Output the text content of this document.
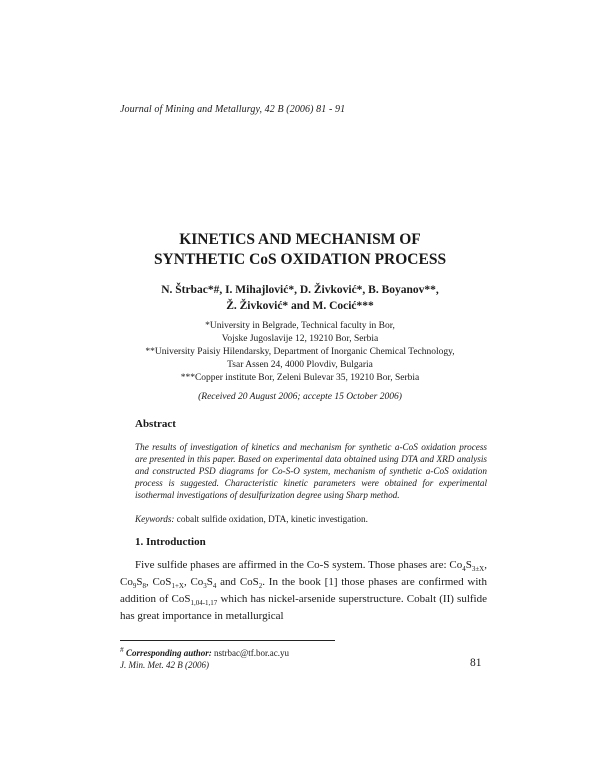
Journal of Mining and Metallurgy, 42 B (2006) 81 - 91
KINETICS AND MECHANISM OF
SYNTHETIC CoS OXIDATION PROCESS
N. Štrbac*#, I. Mihajlović*, D. Živković*, B. Boyanov**,
Ž. Živković* and M. Cocić***
*University in Belgrade, Technical faculty in Bor,
Vojske Jugoslavije 12, 19210 Bor, Serbia
**University Paisiy Hilendarsky, Department of Inorganic Chemical Technology,
Tsar Assen 24, 4000 Plovdiv, Bulgaria
***Copper institute Bor, Zeleni Bulevar 35, 19210 Bor, Serbia
(Received 20 August 2006; accepte 15 October 2006)
Abstract
The results of investigation of kinetics and mechanism for synthetic a-CoS oxidation process are presented in this paper. Based on experimental data obtained using DTA and XRD analysis and constructed PSD diagrams for Co-S-O system, mechanism of synthetic a-CoS oxidation process is suggested. Characteristic kinetic parameters were obtained for experimental isothermal investigations of desulfurization degree using Sharp method.
Keywords: cobalt sulfide oxidation, DTA, kinetic investigation.
1. Introduction
Five sulfide phases are affirmed in the Co-S system. Those phases are: $Co_4S_{3\pm X}$, $Co_9S_8$, CoS$_{1+X}$, $Co_3S_4$ and CoS$_2$. In the book [1] those phases are confirmed with addition of CoS$_{1,04-1,17}$ which has nickel-arsenide superstructure. Cobalt (II) sulfide has great importance in metallurgical
# Corresponding author: nstrbac@tf.bor.ac.yu
J. Min. Met. 42 B (2006)	81
